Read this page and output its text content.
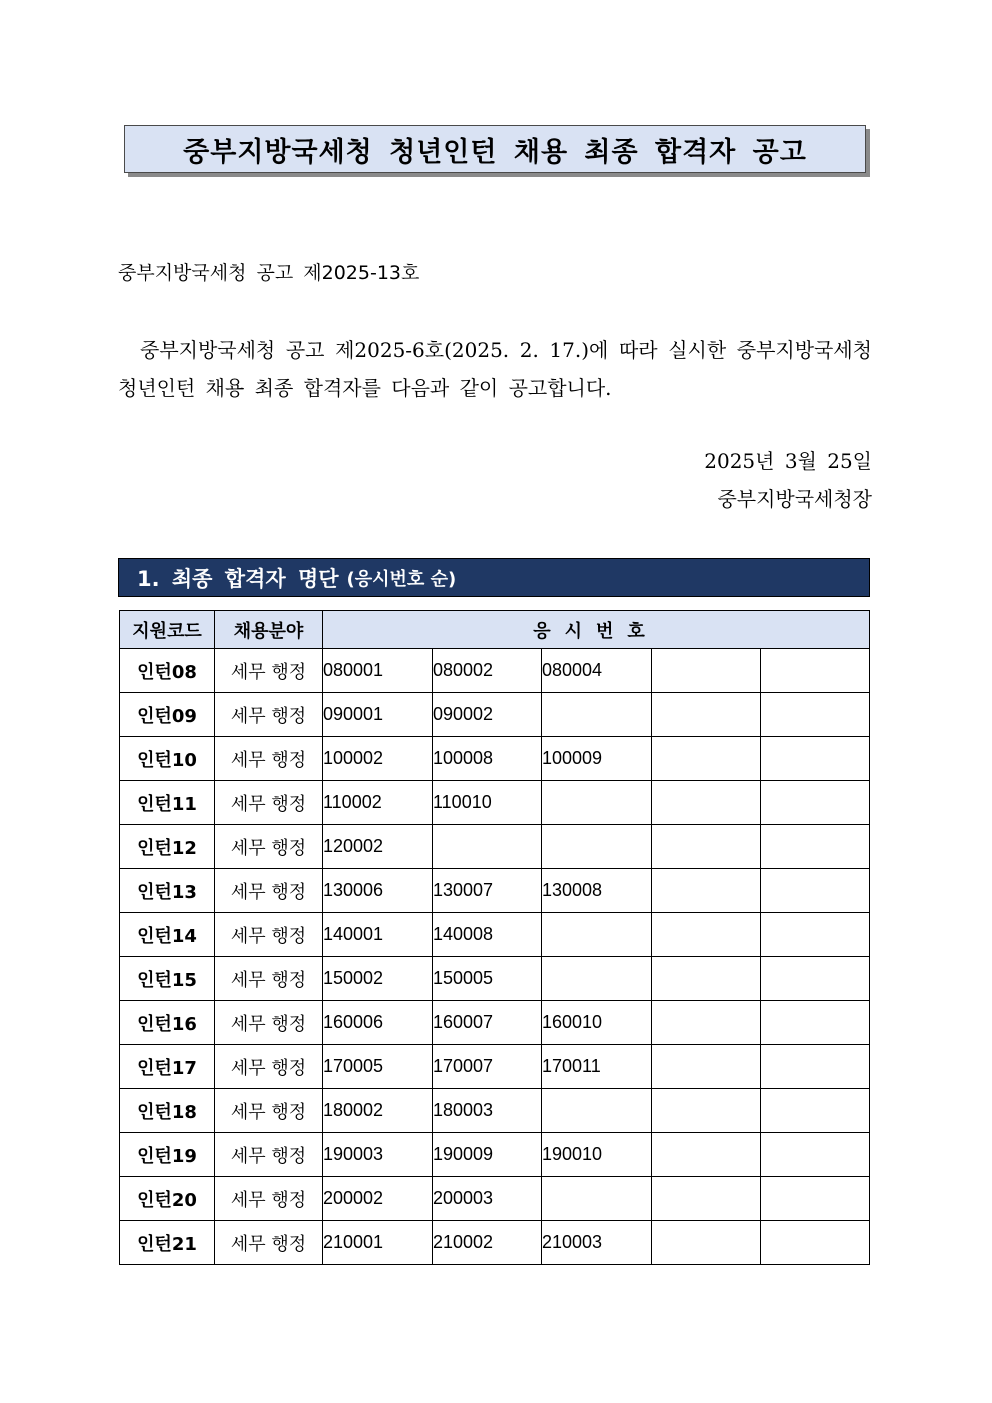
중부지방국세청 청년인턴 채용 최종 합격자 공고
중부지방국세청 공고 제2025-13호
중부지방국세청 공고 제2025-6호(2025. 2. 17.)에 따라 실시한 중부지방국세청 청년인턴 채용 최종 합격자를 다음과 같이 공고합니다.
2025년 3월 25일
중부지방국세청장
1. 최종 합격자 명단 (응시번호 순)
지원코드	채용분야	응시번호				
인턴08	세무 행정	080001	080002	080004		
인턴09	세무 행정	090001	090002			
인턴10	세무 행정	100002	100008	100009		
인턴11	세무 행정	110002	110010			
인턴12	세무 행정	120002				
인턴13	세무 행정	130006	130007	130008		
인턴14	세무 행정	140001	140008			
인턴15	세무 행정	150002	150005			
인턴16	세무 행정	160006	160007	160010		
인턴17	세무 행정	170005	170007	170011		
인턴18	세무 행정	180002	180003			
인턴19	세무 행정	190003	190009	190010		
인턴20	세무 행정	200002	200003			
인턴21	세무 행정	210001	210002	210003		
